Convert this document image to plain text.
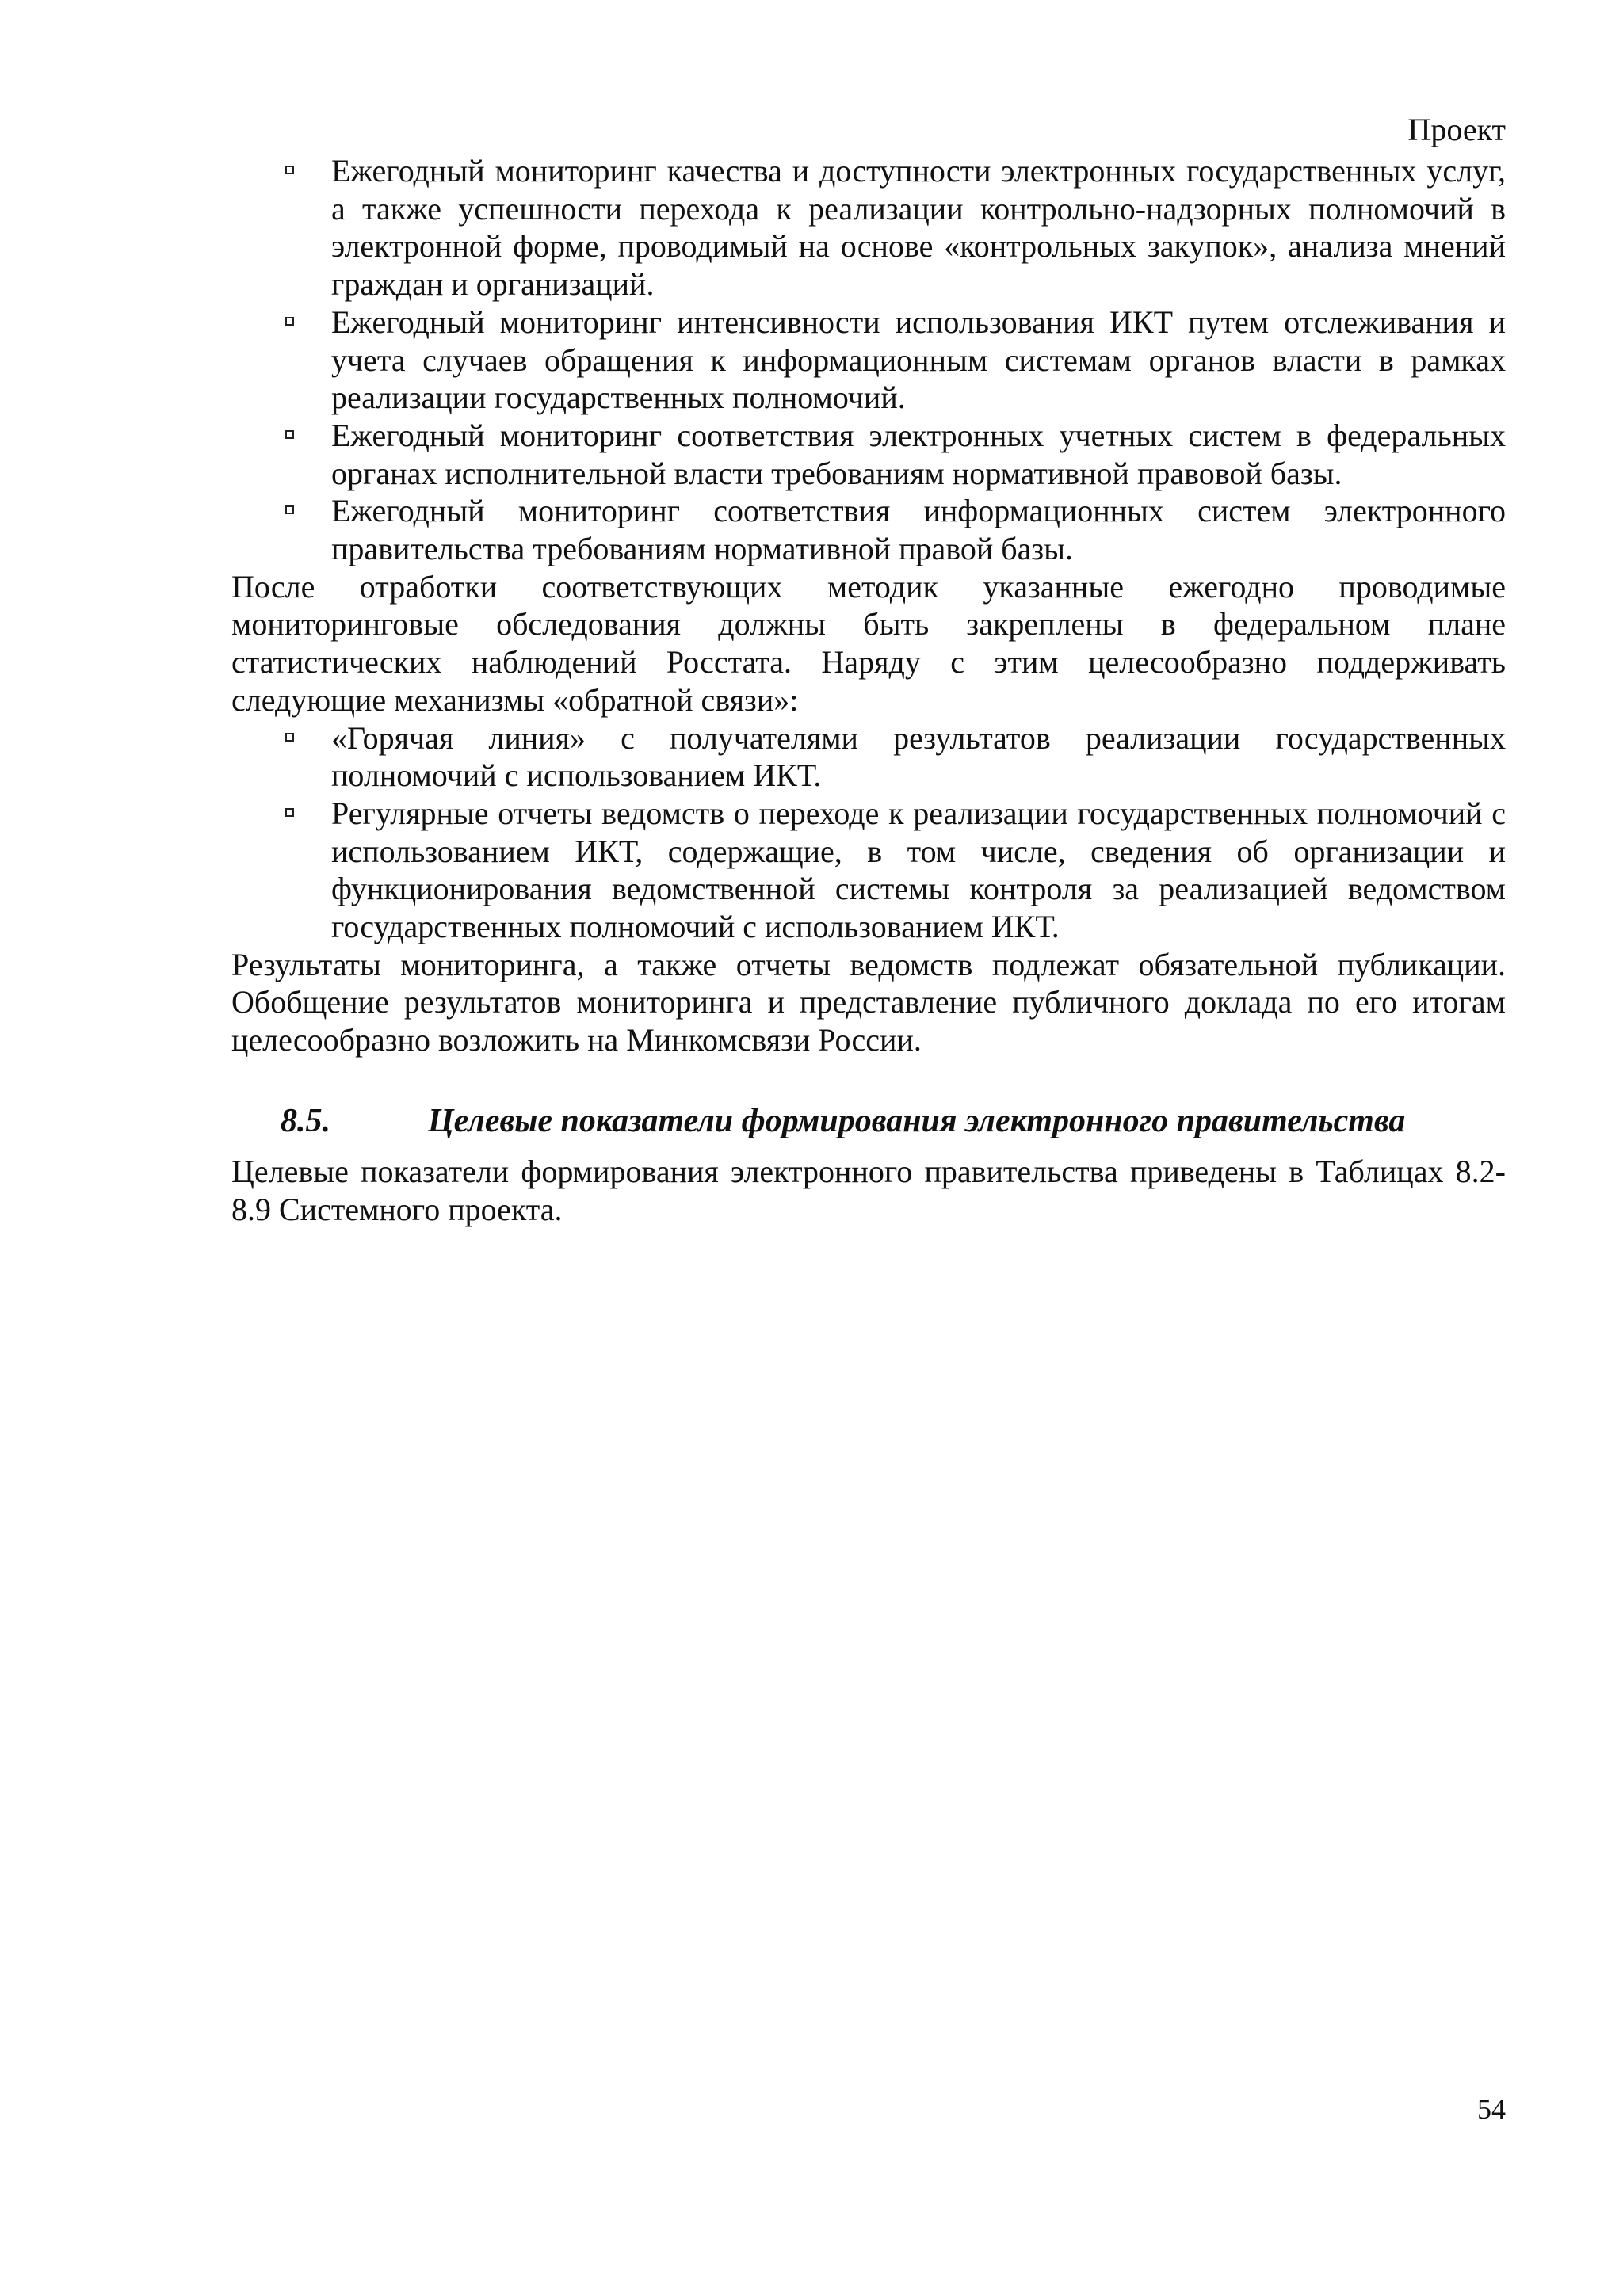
Проект
Ежегодный мониторинг качества и доступности электронных государственных услуг, а также успешности перехода к реализации контрольно-надзорных полномочий в электронной форме, проводимый на основе «контрольных закупок», анализа мнений граждан и организаций.
Ежегодный мониторинг интенсивности использования ИКТ путем отслеживания и учета случаев обращения к информационным системам органов власти в рамках реализации государственных полномочий.
Ежегодный мониторинг соответствия электронных учетных систем в федеральных органах исполнительной власти требованиям нормативной правовой базы.
Ежегодный мониторинг соответствия информационных систем электронного правительства требованиям нормативной правой базы.

После отработки соответствующих методик указанные ежегодно проводимые мониторинговые обследования должны быть закреплены в федеральном плане статистических наблюдений Росстата. Наряду с этим целесообразно поддерживать следующие механизмы «обратной связи»:

«Горячая линия» с получателями результатов реализации государственных полномочий с использованием ИКТ.
Регулярные отчеты ведомств о переходе к реализации государственных полномочий с использованием ИКТ, содержащие, в том числе, сведения об организации и функционирования ведомственной системы контроля за реализацией ведомством государственных полномочий с использованием ИКТ.

Результаты мониторинга, а также отчеты ведомств подлежат обязательной публикации. Обобщение результатов мониторинга и представление публичного доклада по его итогам целесообразно возложить на Минкомсвязи России.

8.5.	Целевые показатели формирования электронного правительства

Целевые показатели формирования электронного правительства приведены в Таблицах 8.2-8.9 Системного проекта.

54
